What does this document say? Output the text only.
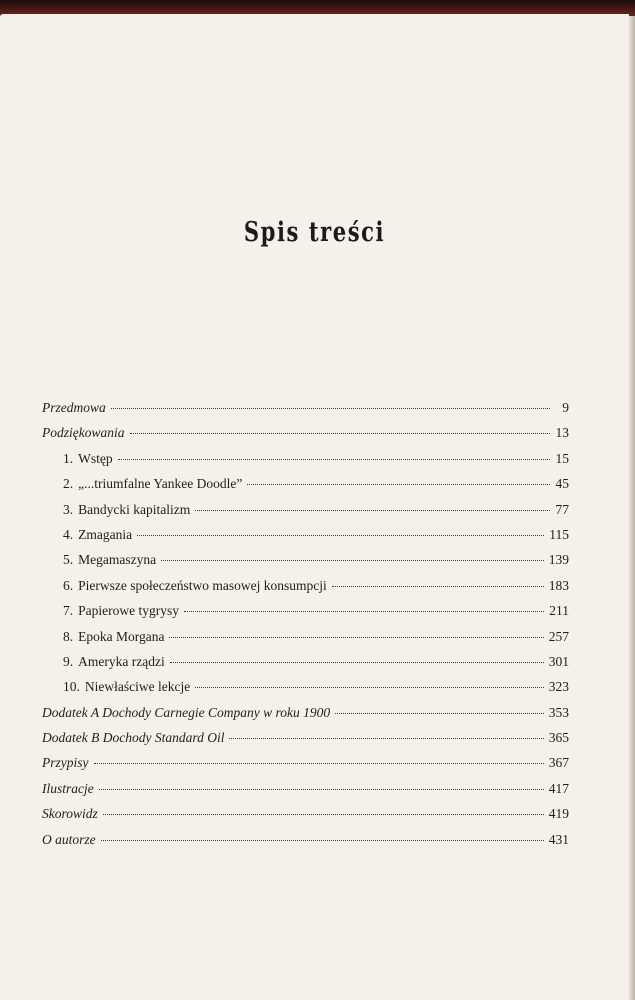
Spis treści
Przedmowa	9
Podziękowania	13
1. Wstęp	15
2. „...triumfalne Yankee Doodle”	45
3. Bandycki kapitalizm	77
4. Zmagania	115
5. Megamaszyna	139
6. Pierwsze społeczeństwo masowej konsumpcji	183
7. Papierowe tygrysy	211
8. Epoka Morgana	257
9. Ameryka rządzi	301
10. Niewłaściwe lekcje	323
Dodatek A Dochody Carnegie Company w roku 1900	353
Dodatek B Dochody Standard Oil	365
Przypisy	367
Ilustracje	417
Skorowidz	419
O autorze	431
